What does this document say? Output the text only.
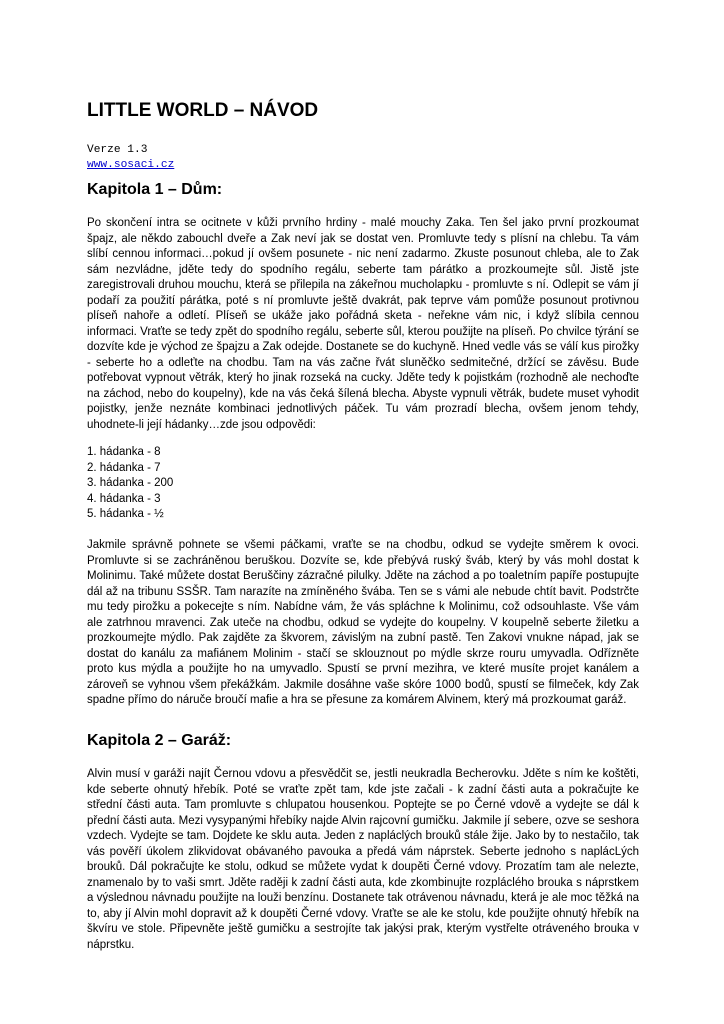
LITTLE WORLD – NÁVOD
Verze 1.3
www.sosaci.cz
Kapitola 1 – Dům:

Po skončení intra se ocitnete v kůži prvního hrdiny - malé mouchy Zaka. Ten šel jako první prozkoumat špajz, ale někdo zabouchl dveře a Zak neví jak se dostat ven. Promluvte tedy s plísní na chlebu. Ta vám slíbí cennou informaci…pokud jí ovšem posunete - nic není zadarmo. Zkuste posunout chleba, ale to Zak sám nezvládne, jděte tedy do spodního regálu, seberte tam párátko a prozkoumejte sůl. Jistě jste zaregistrovali druhou mouchu, která se přilepila na zákeřnou mucholapku - promluvte s ní. Odlepit se vám jí podaří za použití párátka, poté s ní promluvte ještě dvakrát, pak teprve vám pomůže posunout protivnou plíseň nahoře a odletí. Plíseň se ukáže jako pořádná sketa - neřekne vám nic, i když slíbila cennou informaci. Vraťte se tedy zpět do spodního regálu, seberte sůl, kterou použijte na plíseň. Po chvilce týrání se dozvíte kde je východ ze špajzu a Zak odejde. Dostanete se do kuchyně. Hned vedle vás se válí kus pirožky - seberte ho a odleťte na chodbu. Tam na vás začne řvát sluněčko sedmitečné, držící se závěsu. Bude potřebovat vypnout větrák, který ho jinak rozseká na cucky. Jděte tedy k pojistkám (rozhodně ale nechoďte na záchod, nebo do koupelny), kde na vás čeká šílená blecha. Abyste vypnuli větrák, budete muset vyhodit pojistky, jenže neznáte kombinaci jednotlivých páček. Tu vám prozradí blecha, ovšem jenom tehdy, uhodnete-li její hádanky…zde jsou odpovědi:

1. hádanka - 8
2. hádanka - 7
3. hádanka - 200
4. hádanka - 3
5. hádanka - ½

Jakmile správně pohnete se všemi páčkami, vraťte se na chodbu, odkud se vydejte směrem k ovoci. Promluvte si se zachráněnou beruškou. Dozvíte se, kde přebývá ruský šváb, který by vás mohl dostat k Molinimu. Také můžete dostat Beruščiny zázračné pilulky. Jděte na záchod a po toaletním papíře postupujte dál až na tribunu SSŠR. Tam narazíte na zmíněného švába. Ten se s vámi ale nebude chtít bavit. Podstrčte mu tedy pirožku a pokecejte s ním. Nabídne vám, že vás spláchne k Molinimu, což odsouhlaste. Vše vám ale zatrhnou mravenci. Zak uteče na chodbu, odkud se vydejte do koupelny. V koupelně seberte žiletku a prozkoumejte mýdlo. Pak zajděte za škvorem, závislým na zubní pastě. Ten Zakovi vnukne nápad, jak se dostat do kanálu za mafiánem Molinim - stačí se sklouznout po mýdle skrze rouru umyvadla. Odřízněte proto kus mýdla a použijte ho na umyvadlo. Spustí se první mezihra, ve které musíte projet kanálem a zároveň se vyhnou všem překážkám. Jakmile dosáhne vaše skóre 1000 bodů, spustí se filmeček, kdy Zak spadne přímo do náruče broučí mafie a hra se přesune za komárem Alvinem, který má prozkoumat garáž.

Kapitola 2 – Garáž:

Alvin musí v garáži najít Černou vdovu a přesvědčit se, jestli neukradla Becherovku. Jděte s ním ke koštěti, kde seberte ohnutý hřebík. Poté se vraťte zpět tam, kde jste začali - k zadní části auta a pokračujte ke střední části auta. Tam promluvte s chlupatou housenkou. Poptejte se po Černé vdově a vydejte se dál k přední části auta. Mezi vysypanými hřebíky najde Alvin rajcovní gumičku. Jakmile jí sebere, ozve se seshora vzdech. Vydejte se tam. Dojdete ke sklu auta. Jeden z napláclých brouků stále žije. Jako by to nestačilo, tak vás pověří úkolem zlikvidovat obávaného pavouka a předá vám náprstek. Seberte jednoho s naplácLých brouků. Dál pokračujte ke stolu, odkud se můžete vydat k doupěti Černé vdovy. Prozatím tam ale nelezte, znamenalo by to vaši smrt. Jděte raději k zadní části auta, kde zkombinujte rozpláclého brouka s náprstkem a výslednou návnadu použijte na louži benzínu. Dostanete tak otrávenou návnadu, která je ale moc těžká na to, aby jí Alvin mohl dopravit až k doupěti Černé vdovy. Vraťte se ale ke stolu, kde použijte ohnutý hřebík na škvíru ve stole. Připevněte ještě gumičku a sestrojíte tak jakýsi prak, kterým vystřelte otráveného brouka v náprstku.
